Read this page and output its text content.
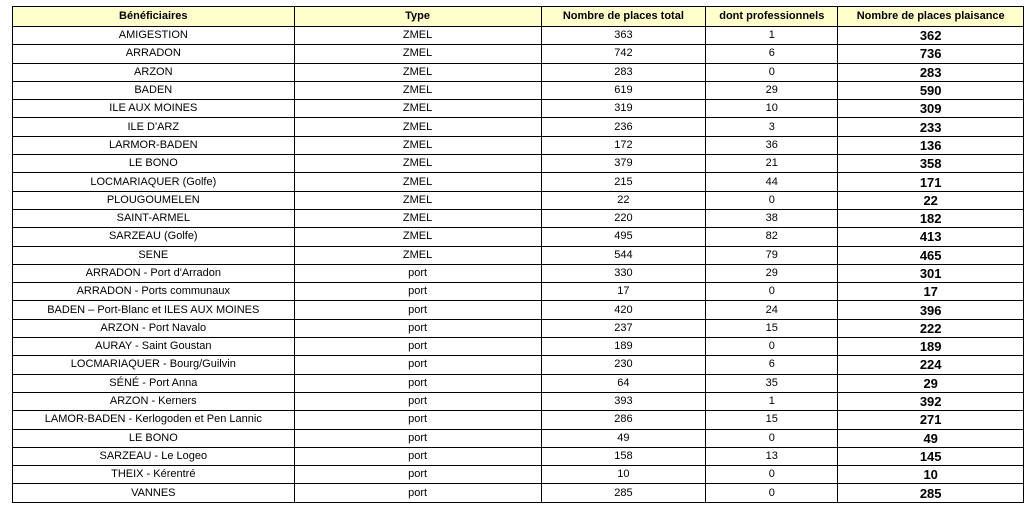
Bénéficiaires	Type	Nombre de places total	dont professionnels	Nombre de places plaisance
AMIGESTION	ZMEL	363	1	362
ARRADON	ZMEL	742	6	736
ARZON	ZMEL	283	0	283
BADEN	ZMEL	619	29	590
ILE AUX MOINES	ZMEL	319	10	309
ILE D'ARZ	ZMEL	236	3	233
LARMOR-BADEN	ZMEL	172	36	136
LE BONO	ZMEL	379	21	358
LOCMARIAQUER (Golfe)	ZMEL	215	44	171
PLOUGOUMELEN	ZMEL	22	0	22
SAINT-ARMEL	ZMEL	220	38	182
SARZEAU (Golfe)	ZMEL	495	82	413
SENE	ZMEL	544	79	465
ARRADON - Port d'Arradon	port	330	29	301
ARRADON - Ports communaux	port	17	0	17
BADEN – Port-Blanc et ILES AUX MOINES	port	420	24	396
ARZON - Port Navalo	port	237	15	222
AURAY - Saint Goustan	port	189	0	189
LOCMARIAQUER - Bourg/Guilvin	port	230	6	224
SÉNÉ - Port Anna	port	64	35	29
ARZON - Kerners	port	393	1	392
LAMOR-BADEN - Kerlogoden et Pen Lannic	port	286	15	271
LE BONO	port	49	0	49
SARZEAU - Le Logeo	port	158	13	145
THEIX - Kérentré	port	10	0	10
VANNES	port	285	0	285
